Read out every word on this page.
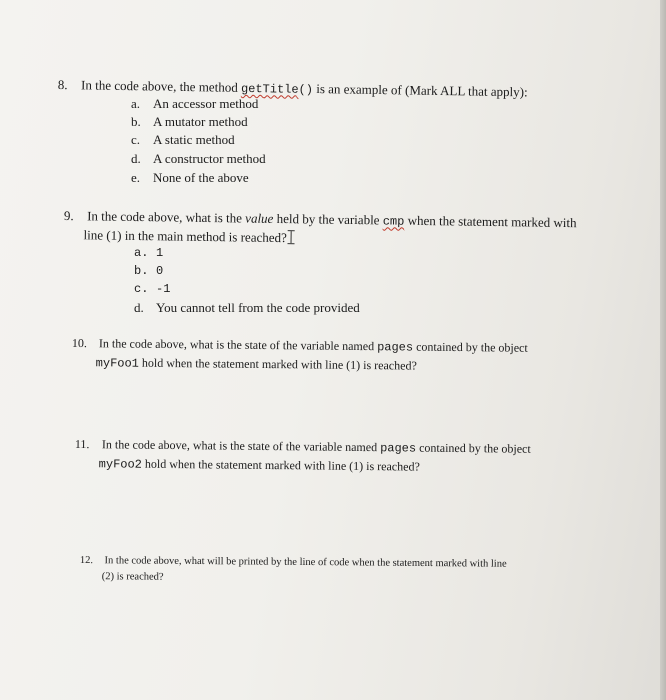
8. In the code above, the method getTitle() is an example of (Mark ALL that apply):
a. An accessor method
b. A mutator method
c. A static method
d. A constructor method
e. None of the above
9. In the code above, what is the value held by the variable cmp when the statement marked with
line (1) in the main method is reached?
a. 1
b. 0
c. -1
d. You cannot tell from the code provided
10. In the code above, what is the state of the variable named pages contained by the object
myFoo1 hold when the statement marked with line (1) is reached?
11. In the code above, what is the state of the variable named pages contained by the object
myFoo2 hold when the statement marked with line (1) is reached?
12. In the code above, what will be printed by the line of code when the statement marked with line
(2) is reached?
